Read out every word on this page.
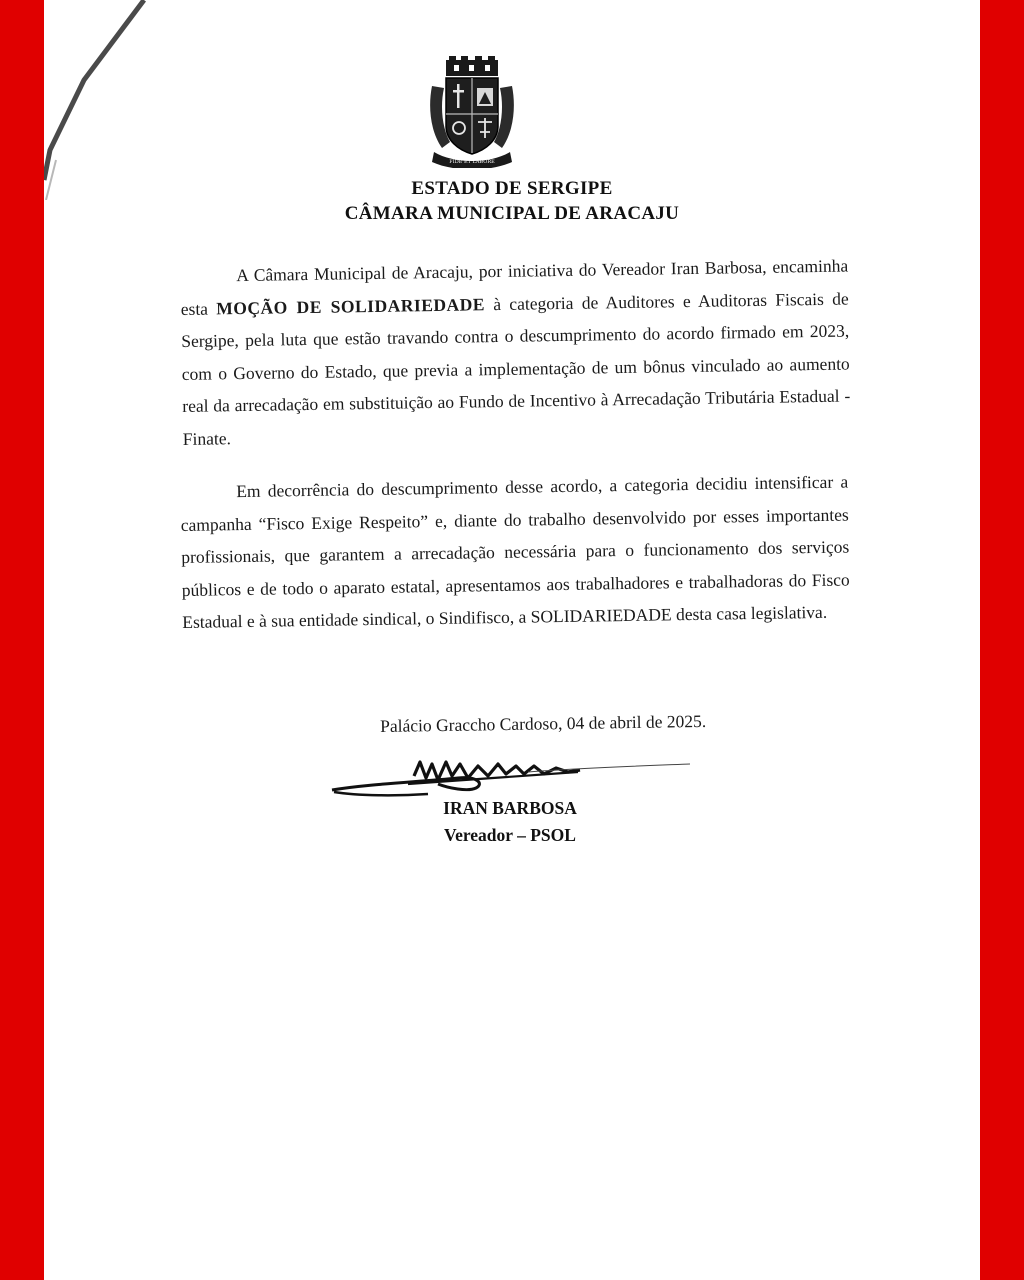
FIDE ET LABORE
ESTADO DE SERGIPE
CÂMARA MUNICIPAL DE ARACAJU

A Câmara Municipal de Aracaju, por iniciativa do Vereador Iran Barbosa, encaminha esta MOÇÃO DE SOLIDARIEDADE à categoria de Auditores e Auditoras Fiscais de Sergipe, pela luta que estão travando contra o descumprimento do acordo firmado em 2023, com o Governo do Estado, que previa a implementação de um bônus vinculado ao aumento real da arrecadação em substituição ao Fundo de Incentivo à Arrecadação Tributária Estadual - Finate.

Em decorrência do descumprimento desse acordo, a categoria decidiu intensificar a campanha “Fisco Exige Respeito” e, diante do trabalho desenvolvido por esses importantes profissionais, que garantem a arrecadação necessária para o funcionamento dos serviços públicos e de todo o aparato estatal, apresentamos aos trabalhadores e trabalhadoras do Fisco Estadual e à sua entidade sindical, o Sindifisco, a SOLIDARIEDADE desta casa legislativa.

Palácio Graccho Cardoso, 04 de abril de 2025.
IRAN BARBOSA
Vereador – PSOL
